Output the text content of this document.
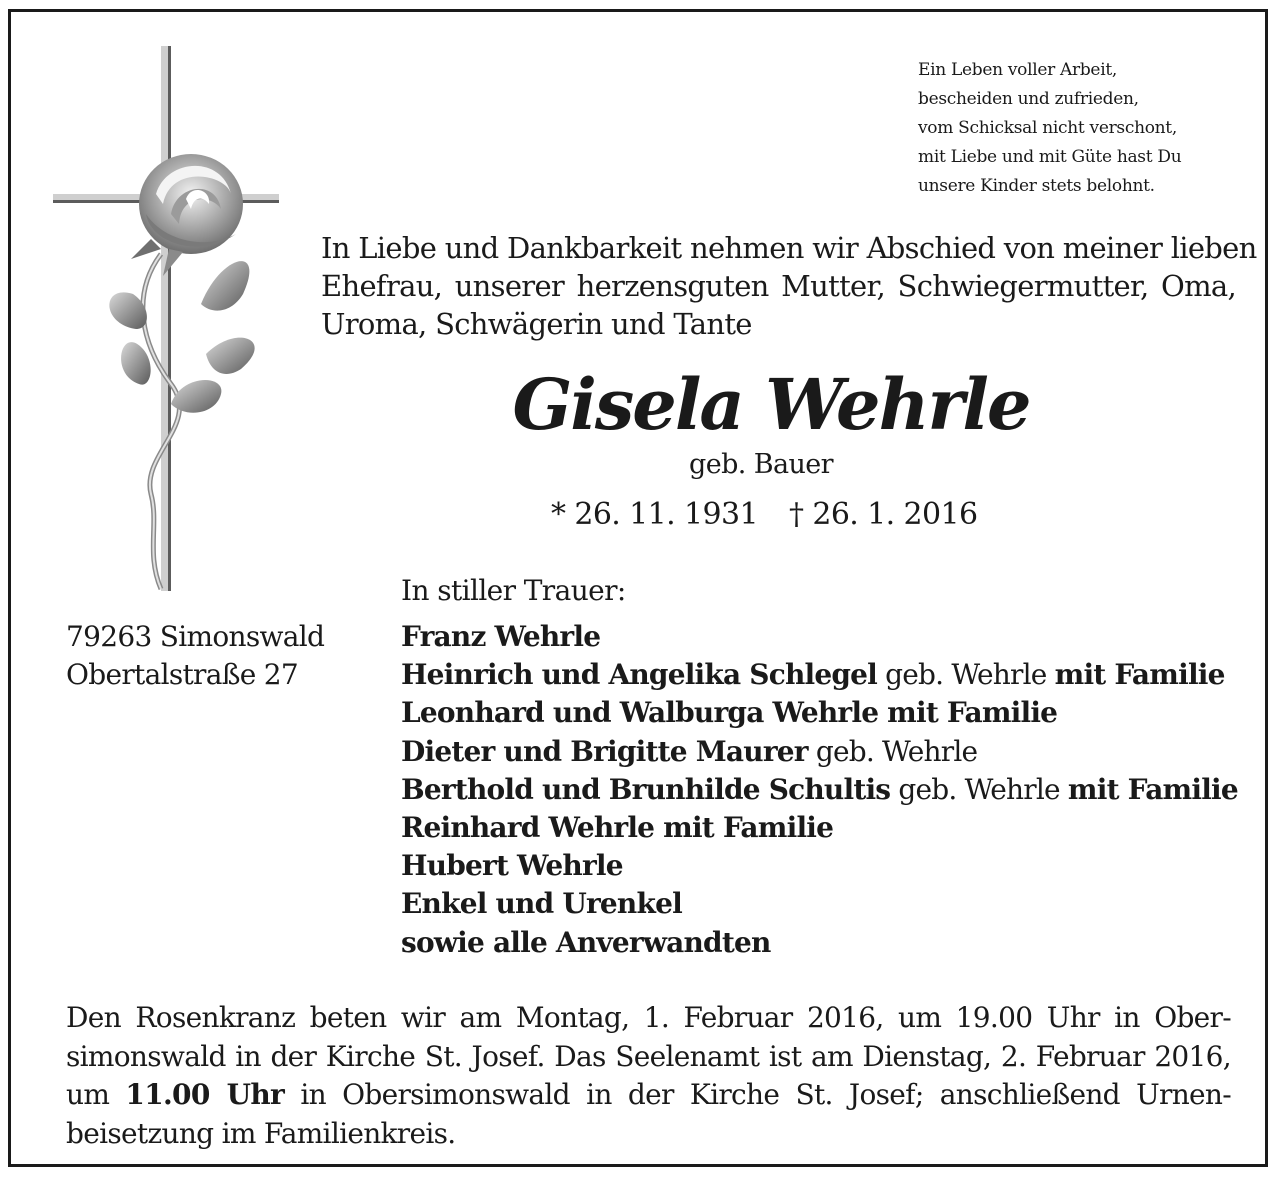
Ein Leben voller Arbeit,
bescheiden und zufrieden,
vom Schicksal nicht verschont,
mit Liebe und mit Güte hast Du
unsere Kinder stets belohnt.
In Liebe und Dankbarkeit nehmen wir Abschied von meiner lieben
Ehefrau, unserer herzensguten Mutter, Schwiegermutter, Oma,
Uroma, Schwägerin und Tante
Gisela Wehrle
geb. Bauer
* 26. 11. 1931 † 26. 1. 2016
In stiller Trauer:
79263 Simonswald
Obertalstraße 27
Franz Wehrle
Heinrich und Angelika Schlegel geb. Wehrle mit Familie
Leonhard und Walburga Wehrle mit Familie
Dieter und Brigitte Maurer geb. Wehrle
Berthold und Brunhilde Schultis geb. Wehrle mit Familie
Reinhard Wehrle mit Familie
Hubert Wehrle
Enkel und Urenkel
sowie alle Anverwandten
Den Rosenkranz beten wir am Montag, 1. Februar 2016, um 19.00 Uhr in Ober-
simonswald in der Kirche St. Josef. Das Seelenamt ist am Dienstag, 2. Februar 2016,
um 11.00 Uhr in Obersimonswald in der Kirche St. Josef; anschließend Urnen-
beisetzung im Familienkreis.
